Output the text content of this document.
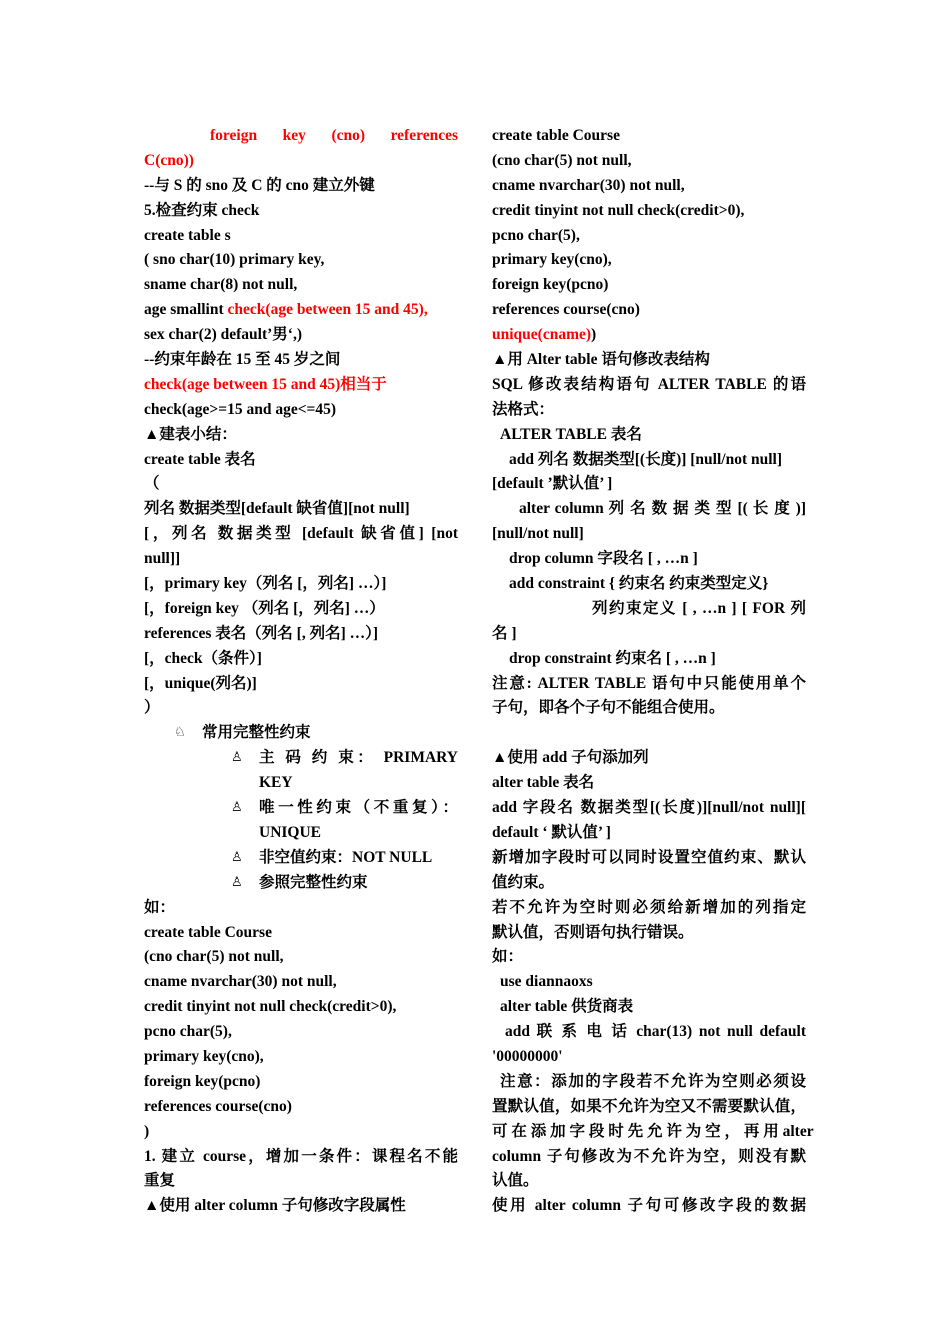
foreign key (cno) references
C(cno))
--与 S 的 sno 及 C 的 cno 建立外键
5.检查约束 check
create table s
( sno char(10) primary key,
sname char(8) not null,
age smallint check(age between 15 and 45),
sex char(2) default’男‘,)
--约束年龄在 15 至 45 岁之间
check(age between 15 and 45)相当于
check(age>=15 and age<=45)
▲建表小结：
create table 表名
（
列名 数据类型[default 缺省值][not null]
[，列名 数据类型 [default 缺省值] [not
null]]
[，primary key（列名 [，列名] …）]
[，foreign key （列名 [，列名] …）
references 表名（列名 [, 列名] …）]
[，check（条件）]
[，unique(列名)]
）
♘ 常用完整性约束
♙ 主 码 约 束： PRIMARY
KEY
♙ 唯一性约束（不重复）：
UNIQUE
♙ 非空值约束：NOT NULL
♙ 参照完整性约束
如：
create table Course
(cno char(5) not null,
cname nvarchar(30) not null,
credit tinyint not null check(credit>0),
pcno char(5),
primary key(cno),
foreign key(pcno)
references course(cno)
)
1. 建立 course，增加一条件：课程名不能
重复
▲使用 alter column 子句修改字段属性
create table Course
(cno char(5) not null,
cname nvarchar(30) not null,
credit tinyint not null check(credit>0),
pcno char(5),
primary key(cno),
foreign key(pcno)
references course(cno)
unique(cname))
▲用 Alter table 语句修改表结构
SQL 修改表结构语句 ALTER TABLE 的语
法格式：
ALTER TABLE 表名
add 列名 数据类型[(长度)] [null/not null]
[default ’默认值’ ]
alter column 列 名 数 据 类 型 [( 长 度 )]
[null/not null]
drop column 字段名 [ , …n ]
add constraint { 约束名 约束类型定义}
列约束定义 [ , …n ] [ FOR 列
名 ]
drop constraint 约束名 [ , …n ]
注意: ALTER TABLE 语句中只能使用单个
子句，即各个子句不能组合使用。
▲使用 add 子句添加列
alter table 表名
add 字段名 数据类型[(长度)][null/not null][
default ‘ 默认值’ ]
新增加字段时可以同时设置空值约束、默认
值约束。
若不允许为空时则必须给新增加的列指定
默认值，否则语句执行错误。
如：
use diannaoxs
alter table 供货商表
add 联 系 电 话 char(13) not null default
'00000000'
注意：添加的字段若不允许为空则必须设
置默认值，如果不允许为空又不需要默认值，
可 在 添 加 字 段 时 先 允 许 为 空 ， 再 用 alter
column 子句修改为不允许为空，则没有默
认值。
使用 alter column 子句可修改字段的数据
